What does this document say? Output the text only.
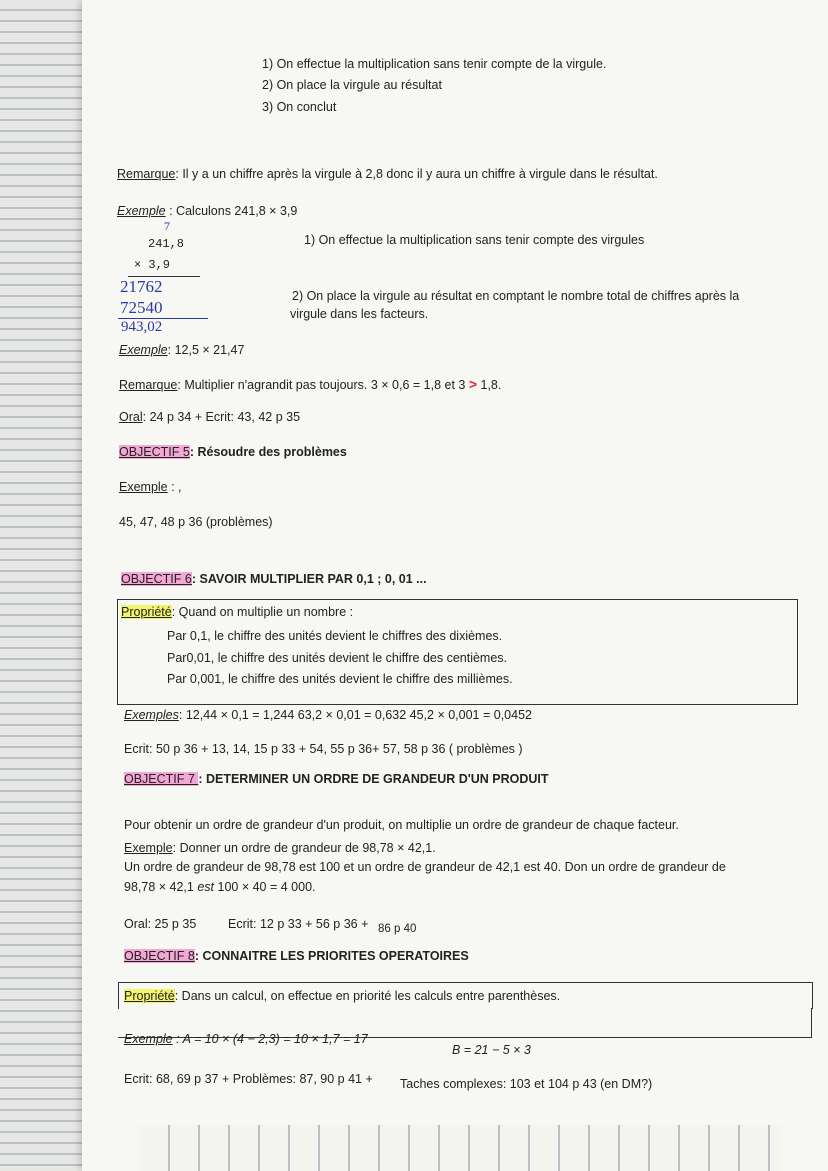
1) On effectue la multiplication sans tenir compte de la virgule.
2) On place la virgule au résultat
3) On conclut
Remarque: Il y a un chiffre après la virgule à 2,8 donc il y aura un chiffre à virgule dans le résultat.
Exemple : Calculons 241,8 × 3,9
7
241,8
× 3,9
21762
72540
943,02
1) On effectue la multiplication sans tenir compte des virgules
2) On place la virgule au résultat en comptant le nombre total de chiffres après la
virgule dans les facteurs.
Exemple: 12,5 × 21,47
Remarque: Multiplier n'agrandit pas toujours. 3 × 0,6 = 1,8 et 3 > 1,8.
Oral: 24 p 34 + Ecrit: 43, 42 p 35
OBJECTIF 5: Résoudre des problèmes
Exemple : ,
45, 47, 48 p 36 (problèmes)
OBJECTIF 6: SAVOIR MULTIPLIER PAR 0,1 ; 0, 01 ...
Propriété: Quand on multiplie un nombre :
Par 0,1, le chiffre des unités devient le chiffres des dixièmes.
Par0,01, le chiffre des unités devient le chiffre des centièmes.
Par 0,001, le chiffre des unités devient le chiffre des millièmes.
Exemples: 12,44 × 0,1 = 1,244 63,2 × 0,01 = 0,632 45,2 × 0,001 = 0,0452
Ecrit: 50 p 36 + 13, 14, 15 p 33 + 54, 55 p 36+ 57, 58 p 36 ( problèmes )
OBJECTIF 7 : DETERMINER UN ORDRE DE GRANDEUR D'UN PRODUIT
Pour obtenir un ordre de grandeur d'un produit, on multiplie un ordre de grandeur de chaque facteur.
Exemple: Donner un ordre de grandeur de 98,78 × 42,1.
Un ordre de grandeur de 98,78 est 100 et un ordre de grandeur de 42,1 est 40. Don un ordre de grandeur de
98,78 × 42,1 est 100 × 40 = 4 000.
Oral: 25 p 35	Ecrit: 12 p 33 + 56 p 36 + 86 p 40
OBJECTIF 8: CONNAITRE LES PRIORITES OPERATOIRES
Propriété: Dans un calcul, on effectue en priorité les calculs entre parenthèses.
Exemple : A = 10 × (4 − 2,3) = 10 × 1,7 = 17
B = 21 − 5 × 3
Ecrit: 68, 69 p 37 + Problèmes: 87, 90 p 41 + Taches complexes: 103 et 104 p 43 (en DM?)
